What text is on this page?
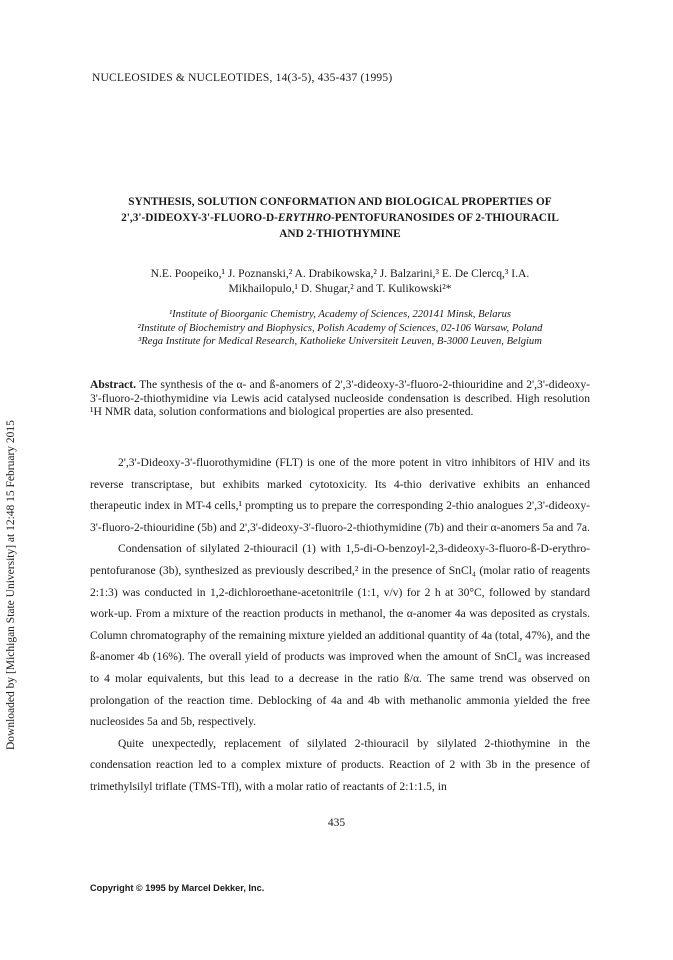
NUCLEOSIDES & NUCLEOTIDES, 14(3-5), 435-437 (1995)
Downloaded by [Michigan State University] at 12:48 15 February 2015
SYNTHESIS, SOLUTION CONFORMATION AND BIOLOGICAL PROPERTIES OF
2',3'-DIDEOXY-3'-FLUORO-D-ERYTHRO-PENTOFURANOSIDES OF 2-THIOURACIL
AND 2-THIOTHYMINE
N.E. Poopeiko,¹ J. Poznanski,² A. Drabikowska,² J. Balzarini,³ E. De Clercq,³ I.A.
Mikhailopulo,¹ D. Shugar,² and T. Kulikowski²*
¹Institute of Bioorganic Chemistry, Academy of Sciences, 220141 Minsk, Belarus
²Institute of Biochemistry and Biophysics, Polish Academy of Sciences, 02-106 Warsaw, Poland
³Rega Institute for Medical Research, Katholieke Universiteit Leuven, B-3000 Leuven, Belgium
Abstract. The synthesis of the α- and ß-anomers of 2',3'-dideoxy-3'-fluoro-2-thiouridine and 2',3'-dideoxy-3'-fluoro-2-thiothymidine via Lewis acid catalysed nucleoside condensation is described. High resolution ¹H NMR data, solution conformations and biological properties are also presented.

2',3'-Dideoxy-3'-fluorothymidine (FLT) is one of the more potent in vitro inhibitors of HIV and its reverse transcriptase, but exhibits marked cytotoxicity. Its 4-thio derivative exhibits an enhanced therapeutic index in MT-4 cells,¹ prompting us to prepare the corresponding 2-thio analogues 2',3'-dideoxy-3'-fluoro-2-thiouridine (5b) and 2',3'-dideoxy-3'-fluoro-2-thiothymidine (7b) and their α-anomers 5a and 7a.

Condensation of silylated 2-thiouracil (1) with 1,5-di-O-benzoyl-2,3-dideoxy-3-fluoro-ß-D-erythro-pentofuranose (3b), synthesized as previously described,² in the presence of SnCl₄ (molar ratio of reagents 2:1:3) was conducted in 1,2-dichloroethane-acetonitrile (1:1, v/v) for 2 h at 30°C, followed by standard work-up. From a mixture of the reaction products in methanol, the α-anomer 4a was deposited as crystals. Column chromatography of the remaining mixture yielded an additional quantity of 4a (total, 47%), and the ß-anomer 4b (16%). The overall yield of products was improved when the amount of SnCl₄ was increased to 4 molar equivalents, but this lead to a decrease in the ratio ß/α. The same trend was observed on prolongation of the reaction time. Deblocking of 4a and 4b with methanolic ammonia yielded the free nucleosides 5a and 5b, respectively.

Quite unexpectedly, replacement of silylated 2-thiouracil by silylated 2-thiothymine in the condensation reaction led to a complex mixture of products. Reaction of 2 with 3b in the presence of trimethylsilyl triflate (TMS-Tfl), with a molar ratio of reactants of 2:1:1.5, in

435
Copyright © 1995 by Marcel Dekker, Inc.
